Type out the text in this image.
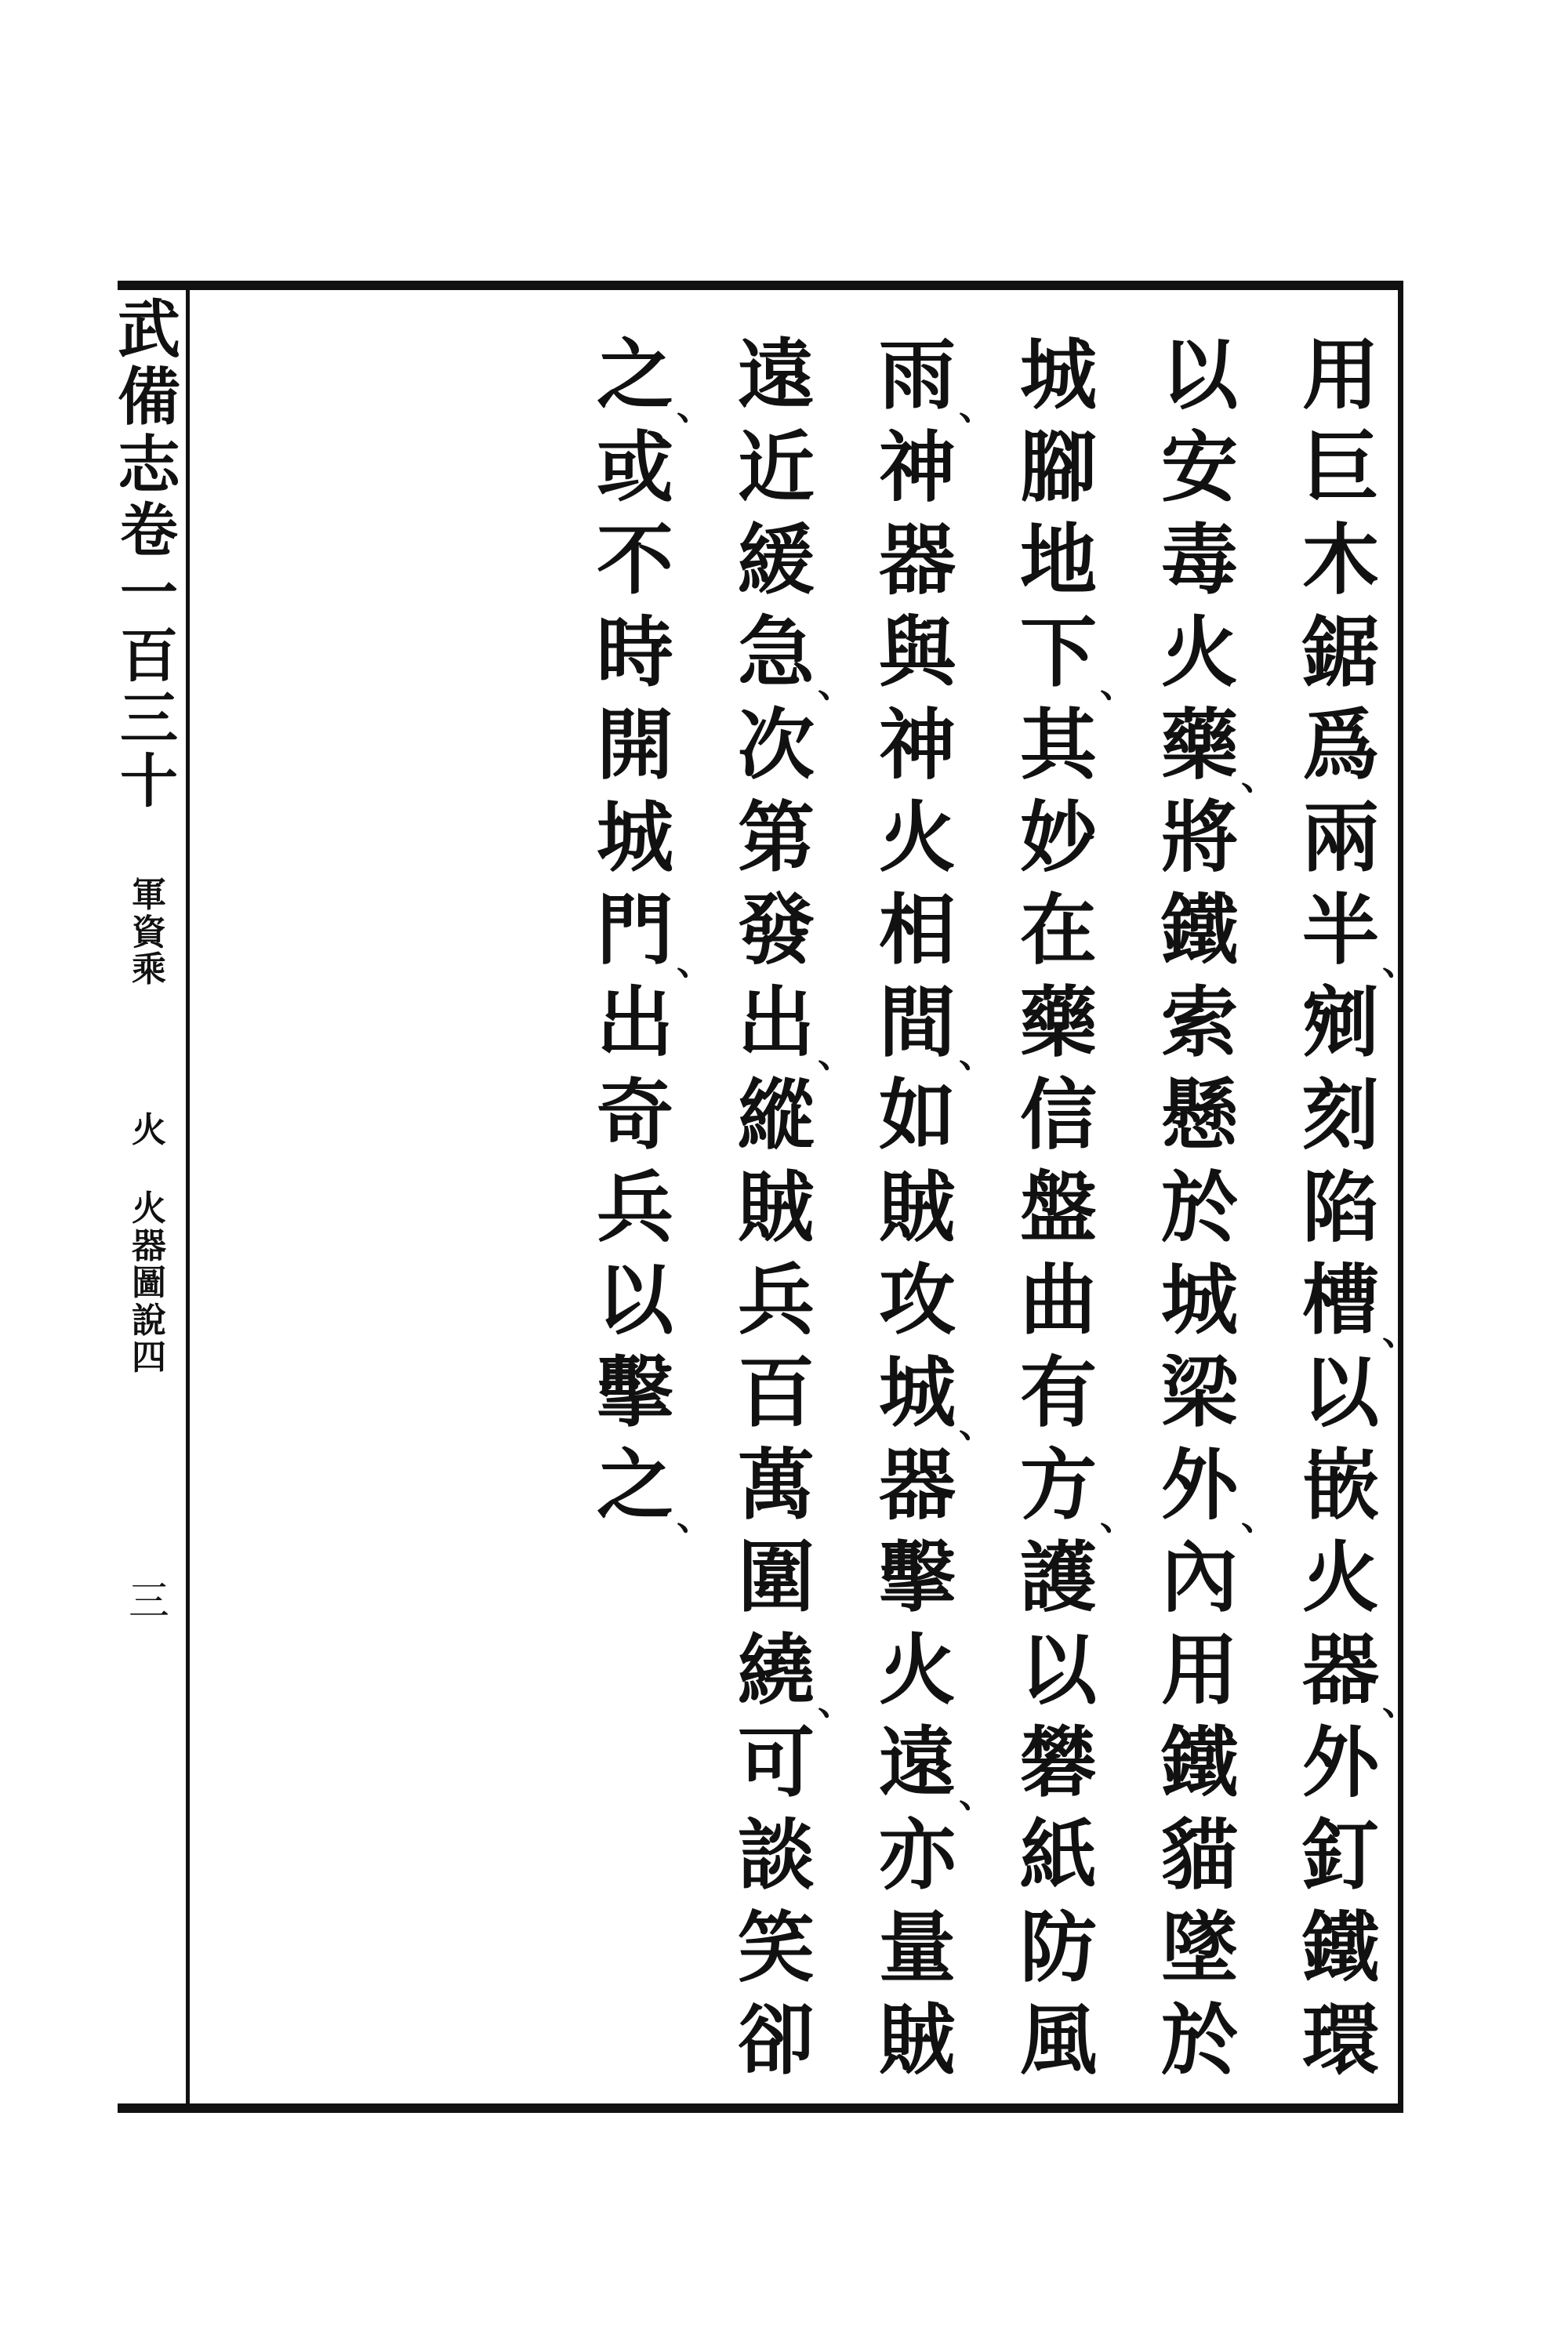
武
備
志
卷
一
百
三
十
軍
資
乘
火
火
器
圖
說
四
三
用
巨
木
鋸
爲
兩
半 、
剜
刻
陷
槽 、
以
嵌
火
器 、
外
釘
鐵
環
以
安
毒
火
藥 、
將
鐵
索
懸
於
城
梁
外 、
內
用
鐵
貓
墜
於
城
腳
地
下 、
其
妙
在
藥
信
盤
曲
有
方 、
護
以
礬
紙
防
風
雨 、
神
器
與
神
火
相
間 、
如
賊
攻
城 、
器
擊
火
遠 、
亦
量
賊
遠
近
緩
急 、
次
第
發
出 、
縱
賊
兵
百
萬
圍
繞 、
可
談
笑
卻
之 、
或
不
時
開
城
門 、
出
奇
兵
以
擊
之 、
